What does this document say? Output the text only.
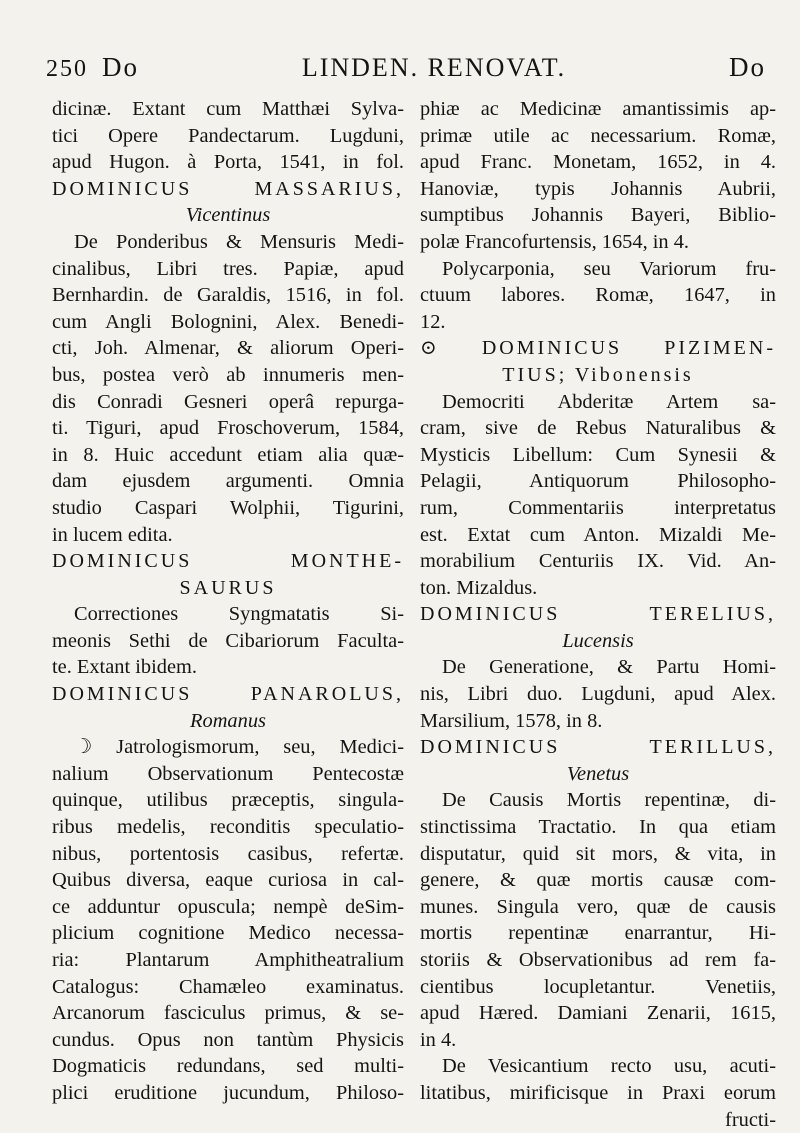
250 Do	LINDEN. RENOVAT.	Do
dicinæ. Extant cum Matthæi Sylva-
tici Opere Pandectarum. Lugduni,
apud Hugon. à Porta, 1541, in fol.
DOMINICUS MASSARIUS,
Vicentinus
De Ponderibus & Mensuris Medi-
cinalibus, Libri tres. Papiæ, apud
Bernhardin. de Garaldis, 1516, in fol.
cum Angli Bolognini, Alex. Benedi-
cti, Joh. Almenar, & aliorum Operi-
bus, postea verò ab innumeris men-
dis Conradi Gesneri operâ repurga-
ti. Tiguri, apud Froschoverum, 1584,
in 8. Huic accedunt etiam alia quæ-
dam ejusdem argumenti. Omnia
studio Caspari Wolphii, Tigurini,
in lucem edita.
DOMINICUS MONTHE-
SAURUS
Correctiones Syngmatatis Si-
meonis Sethi de Cibariorum Faculta-
te. Extant ibidem.
DOMINICUS PANAROLUS,
Romanus
☽ Jatrologismorum, seu, Medici-
nalium Observationum Pentecostæ
quinque, utilibus præceptis, singula-
ribus medelis, reconditis speculatio-
nibus, portentosis casibus, refertæ.
Quibus diversa, eaque curiosa in cal-
ce adduntur opuscula; nempè deSim-
plicium cognitione Medico necessa-
ria: Plantarum Amphitheatralium
Catalogus: Chamæleo examinatus.
Arcanorum fasciculus primus, & se-
cundus. Opus non tantùm Physicis
Dogmaticis redundans, sed multi-
plici eruditione jucundum, Philoso-
phiæ ac Medicinæ amantissimis ap-
primæ utile ac necessarium. Romæ,
apud Franc. Monetam, 1652, in 4.
Hanoviæ, typis Johannis Aubrii,
sumptibus Johannis Bayeri, Biblio-
polæ Francofurtensis, 1654, in 4.
Polycarponia, seu Variorum fru-
ctuum labores. Romæ, 1647, in
12.
⊙ DOMINICUS PIZIMEN-
TIUS; Vibonensis
Democriti Abderitæ Artem sa-
cram, sive de Rebus Naturalibus &
Mysticis Libellum: Cum Synesii &
Pelagii, Antiquorum Philosopho-
rum, Commentariis interpretatus
est. Extat cum Anton. Mizaldi Me-
morabilium Centuriis IX. Vid. An-
ton. Mizaldus.
DOMINICUS TERELIUS,
Lucensis
De Generatione, & Partu Homi-
nis, Libri duo. Lugduni, apud Alex.
Marsilium, 1578, in 8.
DOMINICUS TERILLUS,
Venetus
De Causis Mortis repentinæ, di-
stinctissima Tractatio. In qua etiam
disputatur, quid sit mors, & vita, in
genere, & quæ mortis causæ com-
munes. Singula vero, quæ de causis
mortis repentinæ enarrantur, Hi-
storiis & Observationibus ad rem fa-
cientibus locupletantur. Venetiis,
apud Hæred. Damiani Zenarii, 1615,
in 4.
De Vesicantium recto usu, acuti-
litatibus, mirificisque in Praxi eorum
fructi-
